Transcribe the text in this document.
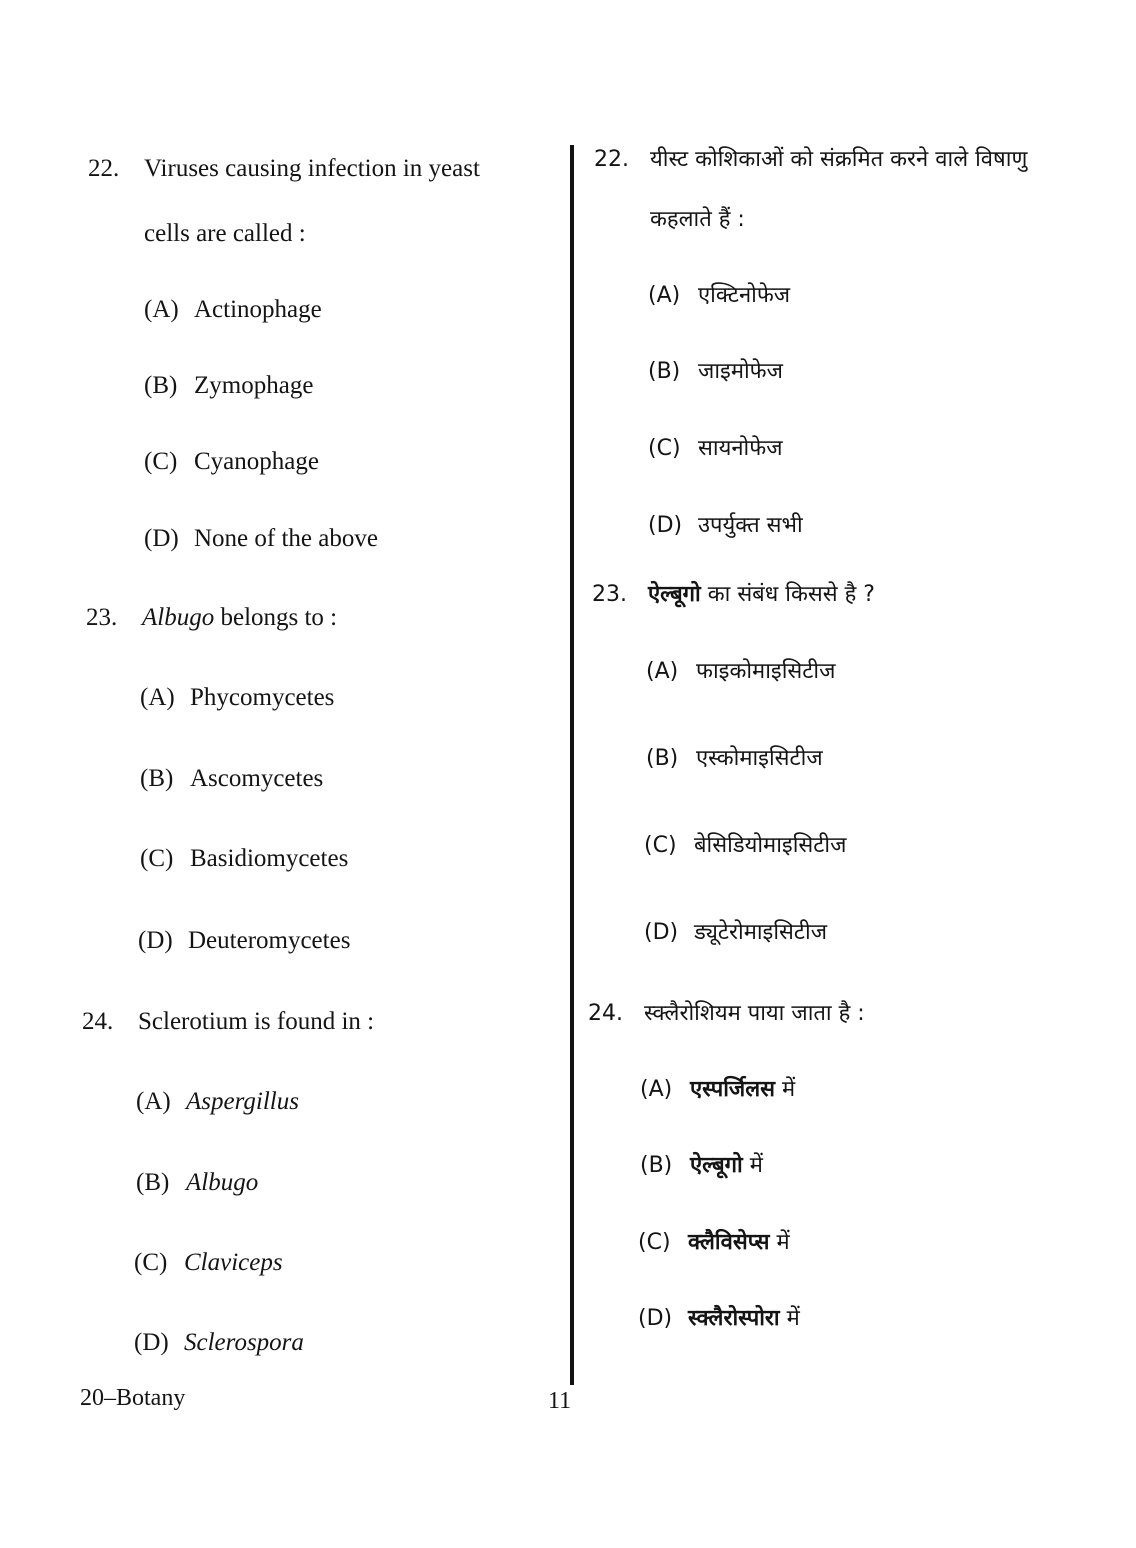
22. Viruses causing infection in yeast
cells are called :
(A) Actinophage
(B) Zymophage
(C) Cyanophage
(D) None of the above
23. Albugo belongs to :
(A) Phycomycetes
(B) Ascomycetes
(C) Basidiomycetes
(D) Deuteromycetes
24. Sclerotium is found in :
(A) Aspergillus
(B) Albugo
(C) Claviceps
(D) Sclerospora
22. यीस्ट कोशिकाओं को संक्रमित करने वाले विषाणु
कहलाते हैं :
(A) एक्टिनोफेज
(B) जाइमोफेज
(C) सायनोफेज
(D) उपर्युक्त सभी
23. ऐल्बूगो का संबंध किससे है ?
(A) फाइकोमाइसिटीज
(B) एस्कोमाइसिटीज
(C) बेसिडियोमाइसिटीज
(D) ड्यूटेरोमाइसिटीज
24. स्क्लैरोशियम पाया जाता है :
(A) एस्पर्जिलस में
(B) ऐल्बूगो में
(C) क्लैविसेप्स में
(D) स्क्लैरोस्पोरा में
20–Botany	11
